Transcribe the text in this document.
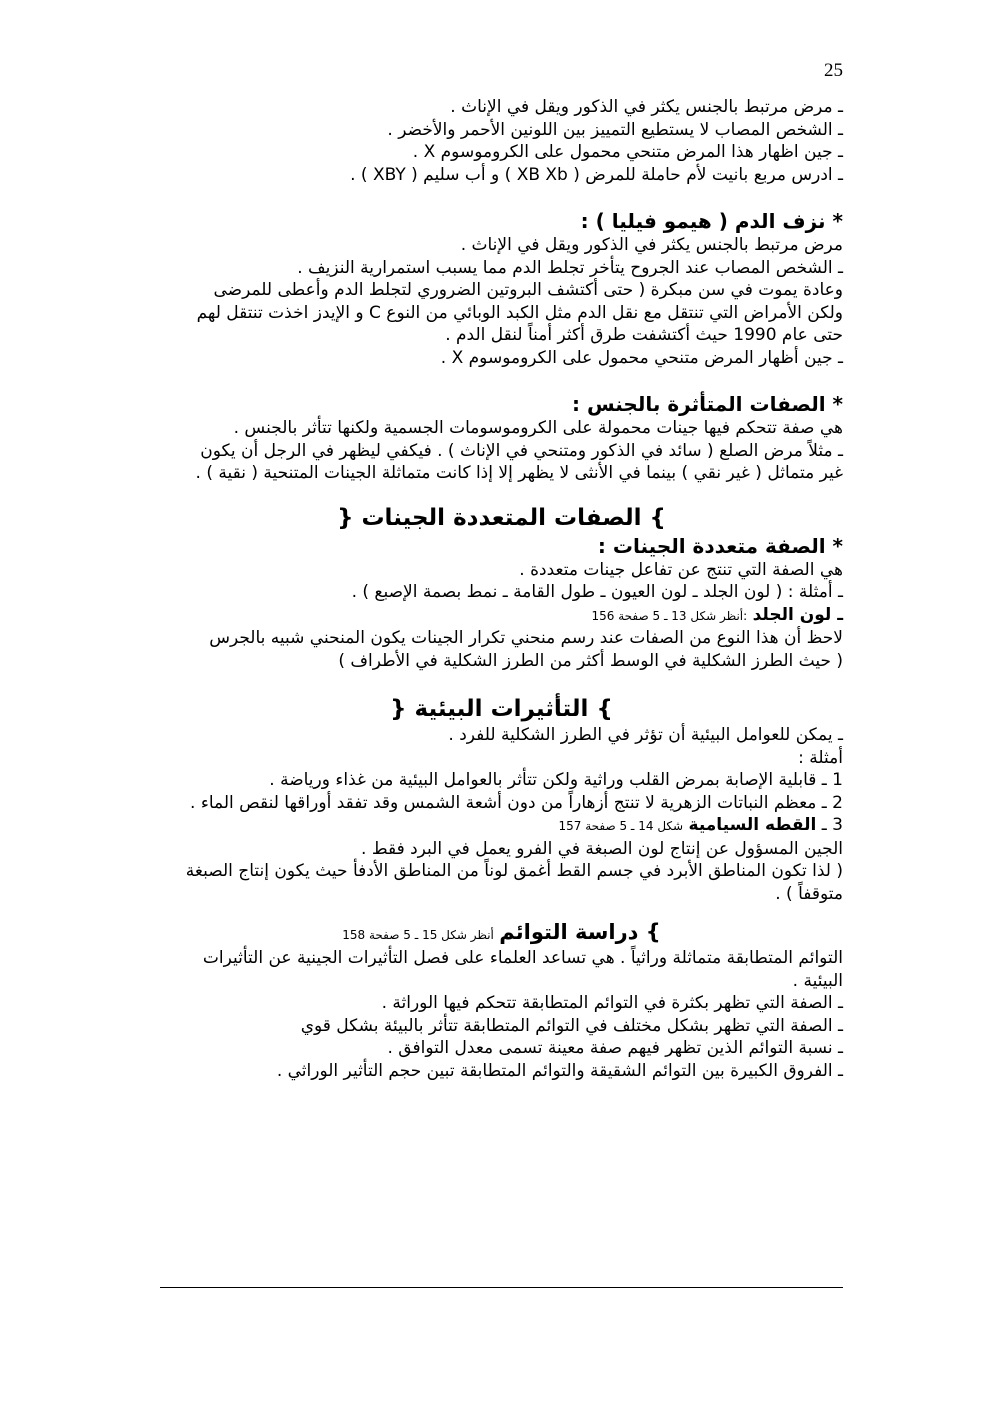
25
ـ مرض مرتبط بالجنس يكثر في الذكور ويقل في الإناث .
ـ الشخص المصاب لا يستطيع التمييز بين اللونين الأحمر والأخضر .
ـ جين اظهار هذا المرض متنحي محمول على الكروموسوم X .
ـ ادرس مربع بانيت لأم حاملة للمرض ( XB Xb ) و أب سليم ( XBY ) .
* نزف الدم ( هيمو فيليا ) :
مرض مرتبط بالجنس يكثر في الذكور ويقل في الإناث .
ـ الشخص المصاب عند الجروح يتأخر تجلط الدم مما يسبب استمرارية النزيف .
وعادة يموت في سن مبكرة ( حتى أكتشف البروتين الضروري لتجلط الدم وأعطى للمرضى
ولكن الأمراض التي تنتقل مع نقل الدم مثل الكبد الوبائي من النوع C و الإيدز اخذت تنتقل لهم
حتى عام 1990 حيث أكتشفت طرق أكثر أمناً لنقل الدم .
ـ جين أظهار المرض متنحي محمول على الكروموسوم X .
* الصفات المتأثرة بالجنس :
هي صفة تتحكم فيها جينات محمولة على الكروموسومات الجسمية ولكنها تتأثر بالجنس .
ـ مثلاً مرض الصلع ( سائد في الذكور ومتنحي في الإناث ) . فيكفي ليظهر في الرجل أن يكون
غير متماثل ( غير نقي ) بينما في الأنثى لا يظهر إلا إذا كانت متماثلة الجينات المتنحية ( نقية ) .
} الصفات المتعددة الجينات {
* الصفة متعددة الجينات :
هي الصفة التي تنتج عن تفاعل جينات متعددة .
ـ أمثلة : ( لون الجلد ـ لون العيون ـ طول القامة ـ نمط بصمة الإصبع ) .
ـ لون الجلد :أنظر شكل 13 ـ 5 صفحة 156
لاحظ أن هذا النوع من الصفات عند رسم منحني تكرار الجينات يكون المنحني شبيه بالجرس
( حيث الطرز الشكلية في الوسط أكثر من الطرز الشكلية في الأطراف )
} التأثيرات البيئية {
ـ يمكن للعوامل البيئية أن تؤثر في الطرز الشكلية للفرد .
أمثلة :
1 ـ قابلية الإصابة بمرض القلب وراثية ولكن تتأثر بالعوامل البيئية من غذاء ورياضة .
2 ـ معظم النباتات الزهرية لا تنتج أزهاراً من دون أشعة الشمس وقد تفقد أوراقها لنقص الماء .
3 ـ القطه السيامية شكل 14 ـ 5 صفحة 157
الجين المسؤول عن إنتاج لون الصبغة في الفرو يعمل في البرد فقط .
( لذا تكون المناطق الأبرد في جسم القط أغمق لوناً من المناطق الأدفأ حيث يكون إنتاج الصبغة متوقفاً ) .
} دراسة التوائم أنظر شكل 15 ـ 5 صفحة 158
التوائم المتطابقة متماثلة وراثياً . هي تساعد العلماء على فصل التأثيرات الجينية عن التأثيرات البيئية .
ـ الصفة التي تظهر بكثرة في التوائم المتطابقة تتحكم فيها الوراثة .
ـ الصفة التي تظهر بشكل مختلف في التوائم المتطابقة تتأثر بالبيئة بشكل قوي
ـ نسبة التوائم الذين تظهر فيهم صفة معينة تسمى معدل التوافق .
ـ الفروق الكبيرة بين التوائم الشقيقة والتوائم المتطابقة تبين حجم التأثير الوراثي .
